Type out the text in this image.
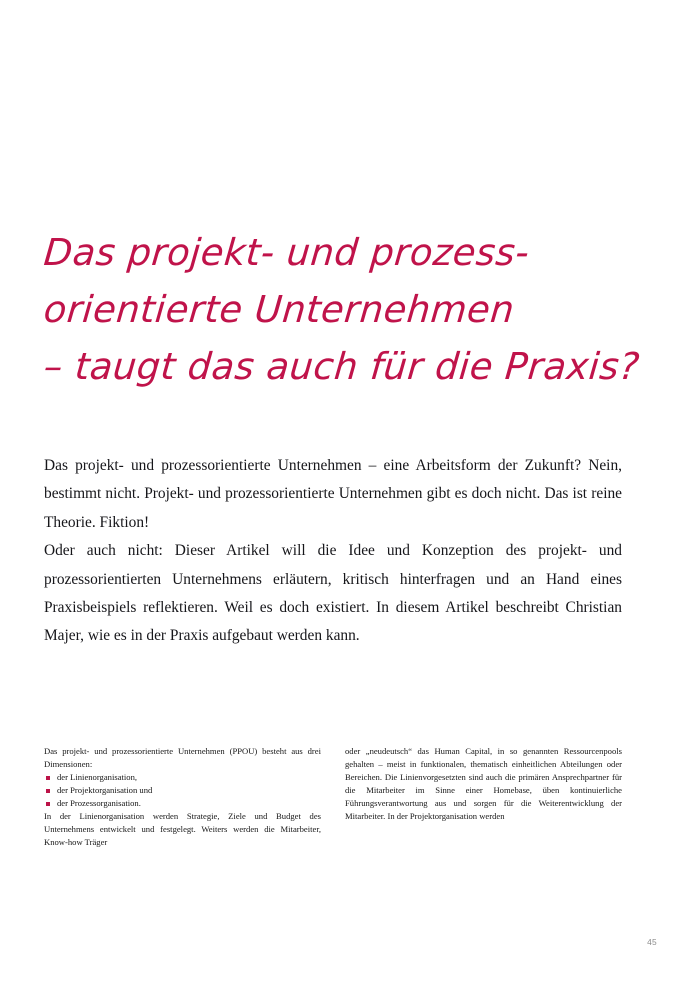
Das projekt- und prozess-
orientierte Unternehmen
– taugt das auch für die Praxis?

Das projekt- und prozessorientierte Unternehmen – eine Arbeitsform der Zukunft? Nein, bestimmt nicht. Projekt- und prozessorientierte Unternehmen gibt es doch nicht. Das ist reine Theorie. Fiktion!

Oder auch nicht: Dieser Artikel will die Idee und Konzeption des projekt- und prozessorientierten Unternehmens erläutern, kritisch hinterfragen und an Hand eines Praxisbeispiels reflektieren. Weil es doch existiert. In diesem Artikel beschreibt Christian Majer, wie es in der Praxis aufgebaut werden kann.

Das projekt- und prozessorientierte Unternehmen (PPOU) besteht aus drei Dimensionen:

der Linienorganisation,
der Projektorganisation und
der Prozessorganisation.

In der Linienorganisation werden Strategie, Ziele und Budget des Unternehmens entwickelt und festgelegt. Weiters werden die Mitarbeiter, Know-how Träger

oder „neudeutsch“ das Human Capital, in so genannten Ressourcenpools gehalten – meist in funktionalen, thematisch einheitlichen Abteilungen oder Bereichen. Die Linienvorgesetzten sind auch die primären Ansprechpartner für die Mitarbeiter im Sinne einer Homebase, üben kontinuierliche Führungsverantwortung aus und sorgen für die Weiterentwicklung der Mitarbeiter. In der Projektorganisation werden

45
